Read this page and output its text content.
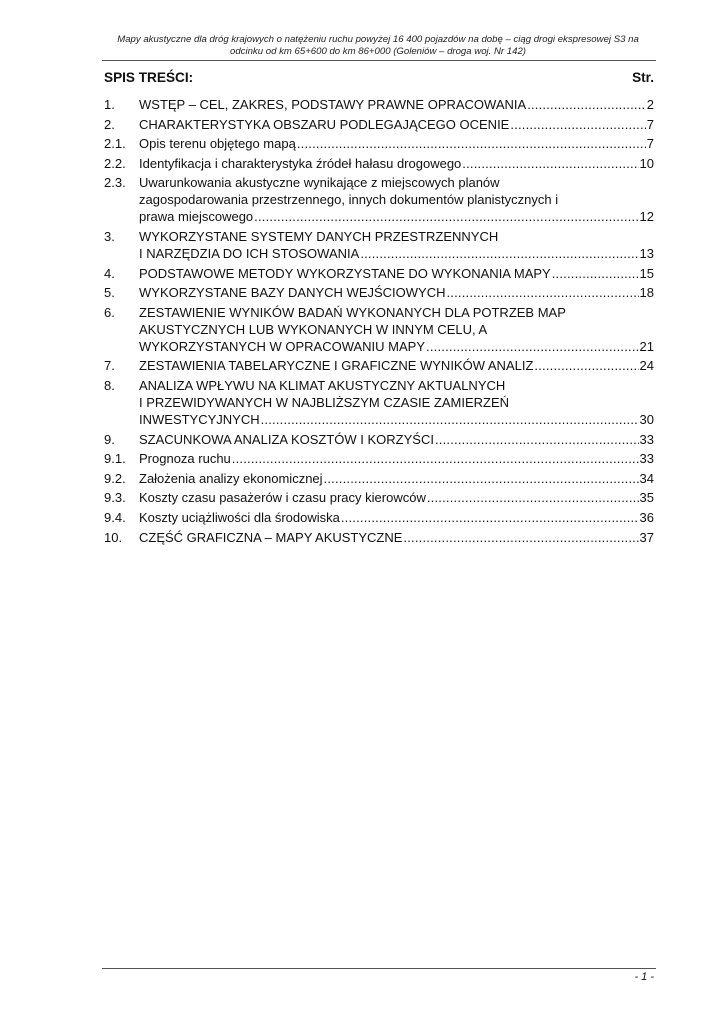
Mapy akustyczne dla dróg krajowych o natężeniu ruchu powyżej 16 400 pojazdów na dobę – ciąg drogi ekspresowej S3 na
odcinku od km 65+600 do km 86+000 (Goleniów – droga woj. Nr 142)
SPIS TREŚCI:	Str.
1.	WSTĘP – CEL, ZAKRES, PODSTAWY PRAWNE OPRACOWANIA .....	2
2.	CHARAKTERYSTYKA OBSZARU PODLEGAJĄCEGO OCENIE .....	7
2.1.	Opis terenu objętego mapą .....	7
2.2.	Identyfikacja i charakterystyka źródeł hałasu drogowego .....	10
2.3.	Uwarunkowania akustyczne wynikające z miejscowych planów
zagospodarowania przestrzennego, innych dokumentów planistycznych i
prawa miejscowego .....	12
3.	WYKORZYSTANE SYSTEMY DANYCH PRZESTRZENNYCH
I NARZĘDZIA DO ICH STOSOWANIA .....	13
4.	PODSTAWOWE METODY WYKORZYSTANE DO WYKONANIA MAPY .....	15
5.	WYKORZYSTANE BAZY DANYCH WEJŚCIOWYCH .....	18
6.	ZESTAWIENIE WYNIKÓW BADAŃ WYKONANYCH DLA POTRZEB MAP
AKUSTYCZNYCH LUB WYKONANYCH W INNYM CELU, A
WYKORZYSTANYCH W OPRACOWANIU MAPY .....	21
7.	ZESTAWIENIA TABELARYCZNE I GRAFICZNE WYNIKÓW ANALIZ .....	24
8.	ANALIZA WPŁYWU NA KLIMAT AKUSTYCZNY AKTUALNYCH
I PRZEWIDYWANYCH W NAJBLIŻSZYM CZASIE ZAMIERZEŃ
INWESTYCYJNYCH .....	30
9.	SZACUNKOWA ANALIZA KOSZTÓW I KORZYŚCI .....	33
9.1.	Prognoza ruchu .....	33
9.2.	Założenia analizy ekonomicznej .....	34
9.3.	Koszty czasu pasażerów i czasu pracy kierowców .....	35
9.4.	Koszty uciążliwości dla środowiska .....	36
10.	CZĘŚĆ GRAFICZNA – MAPY AKUSTYCZNE .....	37
- 1 -
